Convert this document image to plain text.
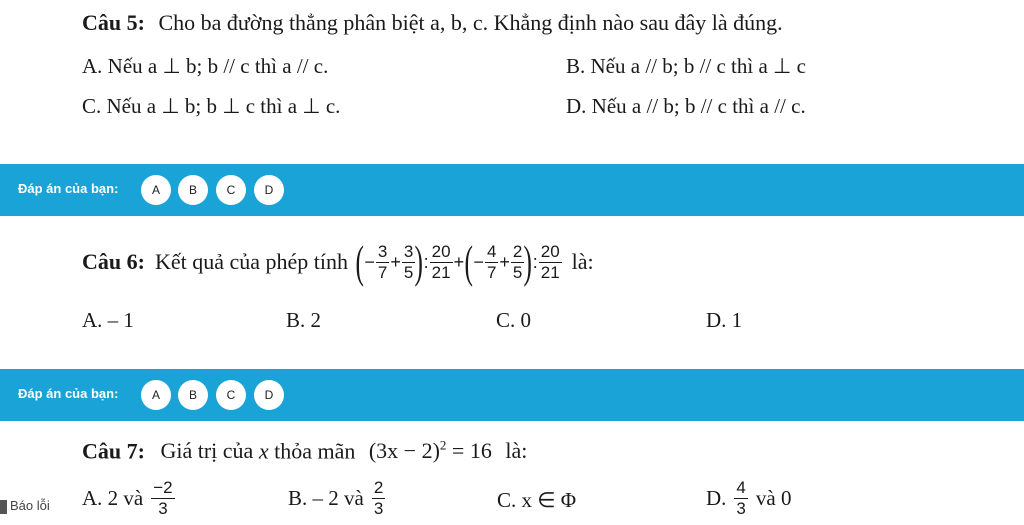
Câu 5: Cho ba đường thẳng phân biệt a, b, c. Khẳng định nào sau đây là đúng.
A. Nếu a ⊥ b; b // c thì a // c.	B. Nếu a // b; b // c thì a ⊥ c
C. Nếu a ⊥ b; b ⊥ c thì a ⊥ c.	D. Nếu a // b; b // c thì a // c.
Đáp án của bạn:	A	B	C	D
Câu 6: Kết quả của phép tính ( − $\frac{3}{7} + \frac{3}{5}$ ) : $\frac{20}{21}$ + ( − $\frac{4}{7} + \frac{2}{5}$ ) : $\frac{20}{21}$ là:
A. – 1	B. 2	C. 0	D. 1
Đáp án của bạn:	A	B	C	D
Câu 7: Giá trị của x thỏa mãn $(3x - 2)^2 = 16$ là:
A. 2 và $\frac{-2}{3}$	B. – 2 và $\frac{2}{3}$	C. x ∈ Φ	D. $\frac{4}{3}$ và 0
Báo lỗi
